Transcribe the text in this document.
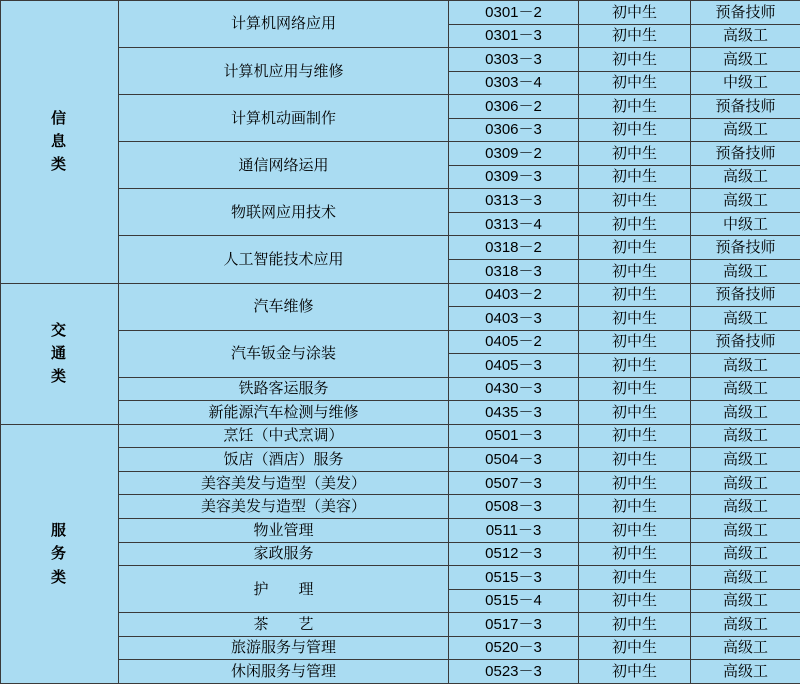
信
息
类	计算机网络应用	0301－2	初中生	预备技师
		0301－3	初中生	高级工
	计算机应用与维修	0303－3	初中生	高级工
		0303－4	初中生	中级工
	计算机动画制作	0306－2	初中生	预备技师
		0306－3	初中生	高级工
	通信网络运用	0309－2	初中生	预备技师
		0309－3	初中生	高级工
	物联网应用技术	0313－3	初中生	高级工
		0313－4	初中生	中级工
	人工智能技术应用	0318－2	初中生	预备技师
		0318－3	初中生	高级工

交
通
类	汽车维修	0403－2	初中生	预备技师
		0403－3	初中生	高级工
	汽车钣金与涂装	0405－2	初中生	预备技师
		0405－3	初中生	高级工
	铁路客运服务	0430－3	初中生	高级工
	新能源汽车检测与维修	0435－3	初中生	高级工

服
务
类	烹饪（中式烹调）	0501－3	初中生	高级工
	饭店（酒店）服务	0504－3	初中生	高级工
	美容美发与造型（美发）	0507－3	初中生	高级工
	美容美发与造型（美容）	0508－3	初中生	高级工
	物业管理	0511－3	初中生	高级工
	家政服务	0512－3	初中生	高级工
	护　　理	0515－3	初中生	高级工
		0515－4	初中生	高级工
	茶　　艺	0517－3	初中生	高级工
	旅游服务与管理	0520－3	初中生	高级工
	休闲服务与管理	0523－3	初中生	高级工
